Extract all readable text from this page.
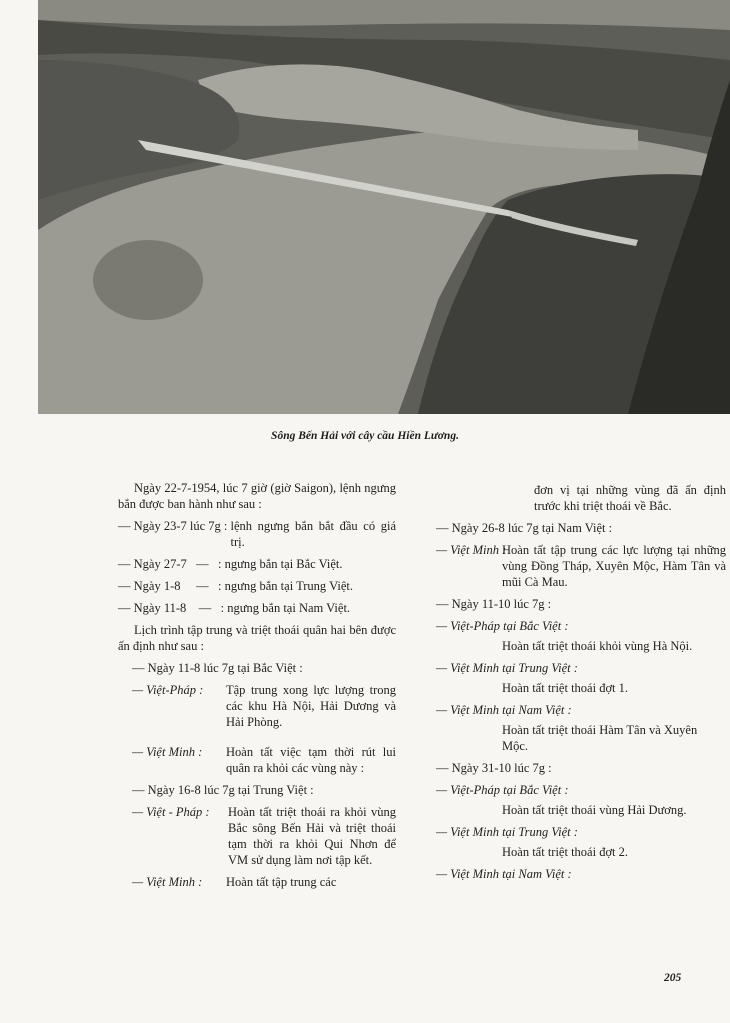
Sông Bến Hải với cây cầu Hiền Lương.

Ngày 22-7-1954, lúc 7 giờ (giờ Saigon), lệnh ngưng bắn được ban hành như sau :

— Ngày 23-7 lúc 7g : lệnh ngưng bắn bắt đầu có giá trị.
— Ngày 27-7 —   : ngưng bắn tại Bắc Việt.
— Ngày 1-8 —   : ngưng bắn tại Trung Việt.
— Ngày 11-8 —   : ngưng bắn tại Nam Việt.

Lịch trình tập trung và triệt thoái quân hai bên được ấn định như sau :

— Ngày 11-8 lúc 7g tại Bắc Việt :

— Việt-Pháp :	Tập trung xong lực lượng trong các khu Hà Nội, Hải Dương và Hải Phòng.
— Việt Minh :	Hoàn tất việc tạm thời rút lui quân ra khỏi các vùng này :

— Ngày 16-8 lúc 7g tại Trung Việt :

— Việt - Pháp :	Hoàn tất triệt thoái ra khỏi vùng Bắc sông Bến Hải và triệt thoái tạm thời ra khỏi Qui Nhơn để VM sử dụng làm nơi tập kết.
— Việt Minh :	Hoàn tất tập trung các

đơn vị tại những vùng đã ấn định trước khi triệt thoái về Bắc.

— Ngày 26-8 lúc 7g tại Nam Việt :

— Việt Minh :
Hoàn tất tập trung các lực lượng tại những vùng Đồng Tháp, Xuyên Mộc, Hàm Tân và mũi Cà Mau.

— Ngày 11-10 lúc 7g :

— Việt-Pháp tại Bắc Việt :

Hoàn tất triệt thoái khỏi vùng Hà Nội.

— Việt Minh tại Trung Việt :

Hoàn tất triệt thoái đợt 1.

— Việt Minh tại Nam Việt :

Hoàn tất triệt thoái Hàm Tân và Xuyên Mộc.

— Ngày 31-10 lúc 7g :

— Việt-Pháp tại Bắc Việt :

Hoàn tất triệt thoái vùng Hải Dương.

— Việt Minh tại Trung Việt :

Hoàn tất triệt thoái đợt 2.

— Việt Minh tại Nam Việt :

205
